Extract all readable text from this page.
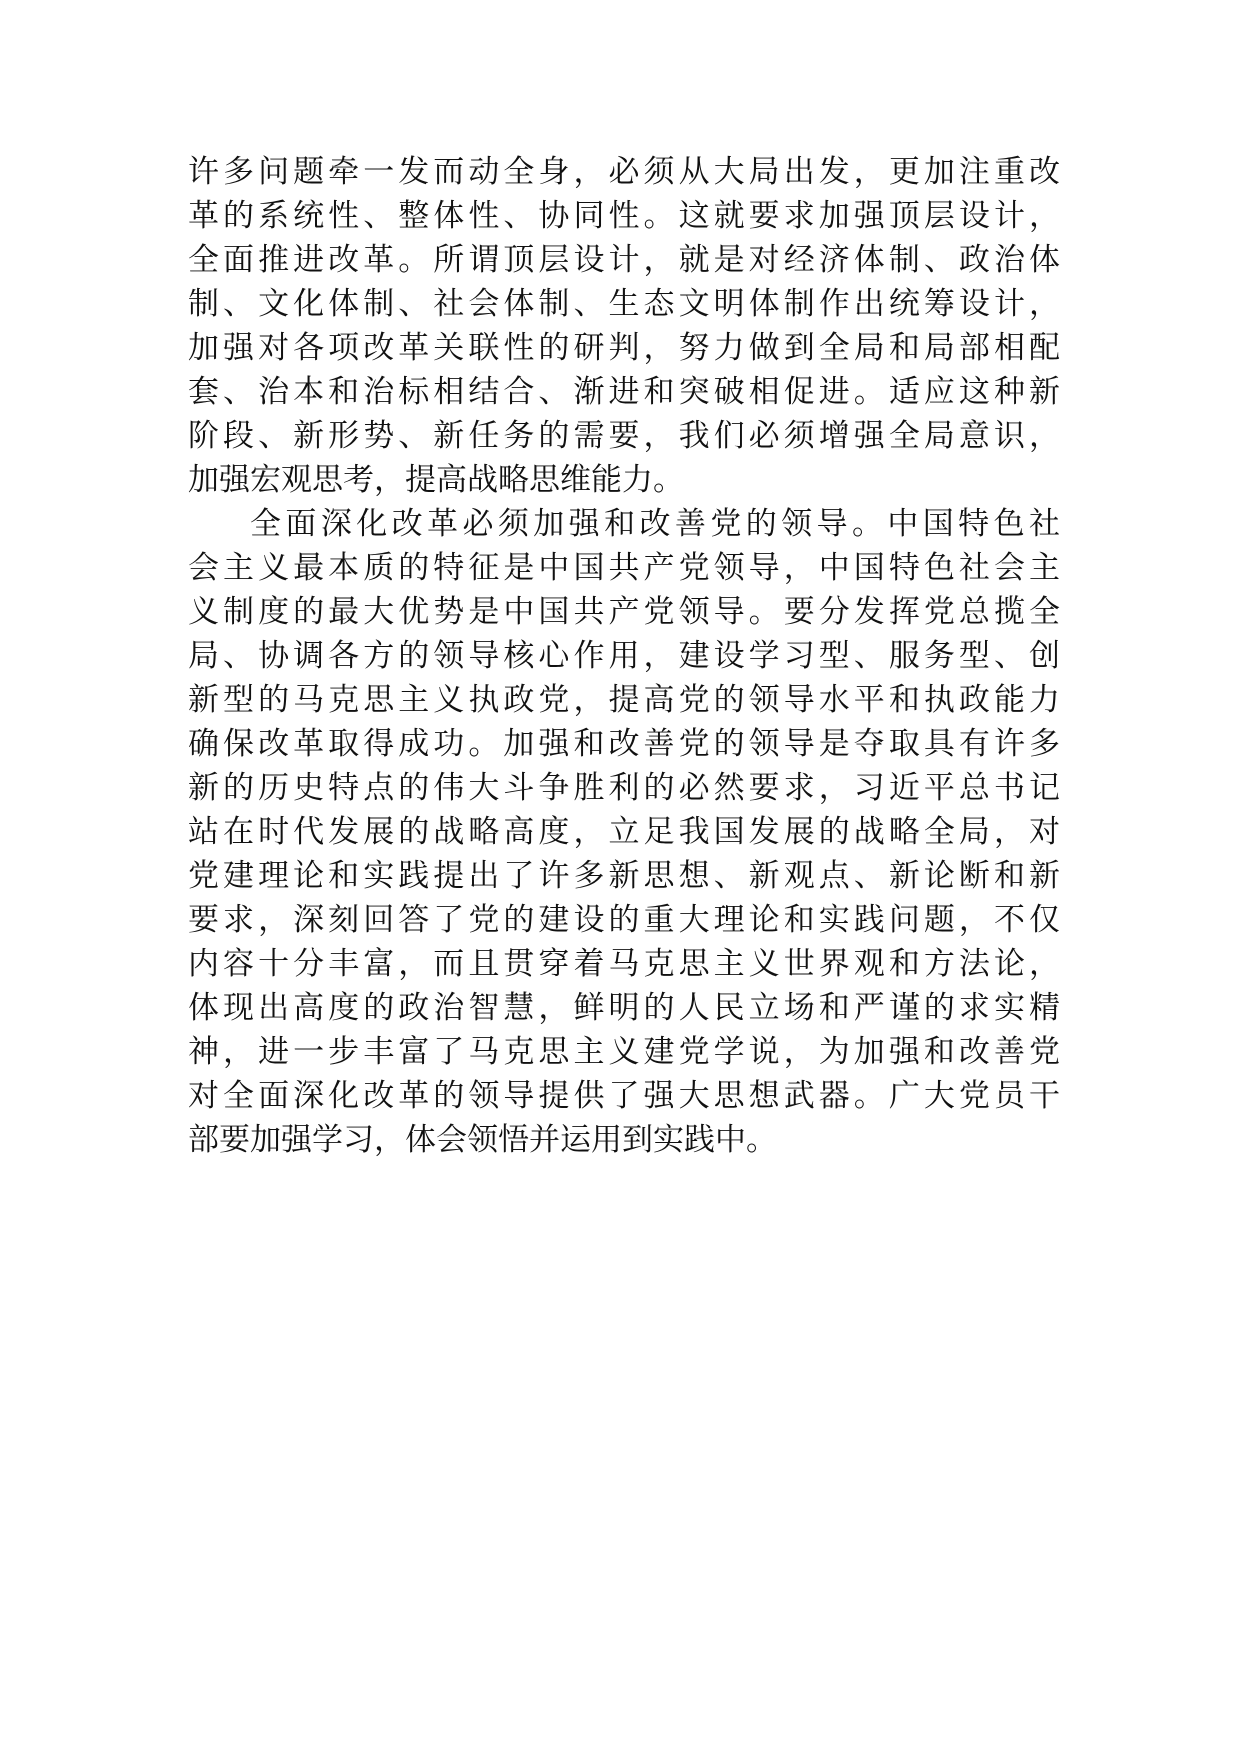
许多问题牵一发而动全身，必须从大局出发，更加注重改
革的系统性、整体性、协同性。这就要求加强顶层设计，
全面推进改革。所谓顶层设计，就是对经济体制、政治体
制、文化体制、社会体制、生态文明体制作出统筹设计，
加强对各项改革关联性的研判，努力做到全局和局部相配
套、治本和治标相结合、渐进和突破相促进。适应这种新
阶段、新形势、新任务的需要，我们必须增强全局意识，
加强宏观思考，提高战略思维能力。
全面深化改革必须加强和改善党的领导。中国特色社
会主义最本质的特征是中国共产党领导，中国特色社会主
义制度的最大优势是中国共产党领导。要分发挥党总揽全
局、协调各方的领导核心作用，建设学习型、服务型、创
新型的马克思主义执政党，提高党的领导水平和执政能力
确保改革取得成功。加强和改善党的领导是夺取具有许多
新的历史特点的伟大斗争胜利的必然要求，习近平总书记
站在时代发展的战略高度，立足我国发展的战略全局，对
党建理论和实践提出了许多新思想、新观点、新论断和新
要求，深刻回答了党的建设的重大理论和实践问题，不仅
内容十分丰富，而且贯穿着马克思主义世界观和方法论，
体现出高度的政治智慧，鲜明的人民立场和严谨的求实精
神，进一步丰富了马克思主义建党学说，为加强和改善党
对全面深化改革的领导提供了强大思想武器。广大党员干
部要加强学习，体会领悟并运用到实践中。
